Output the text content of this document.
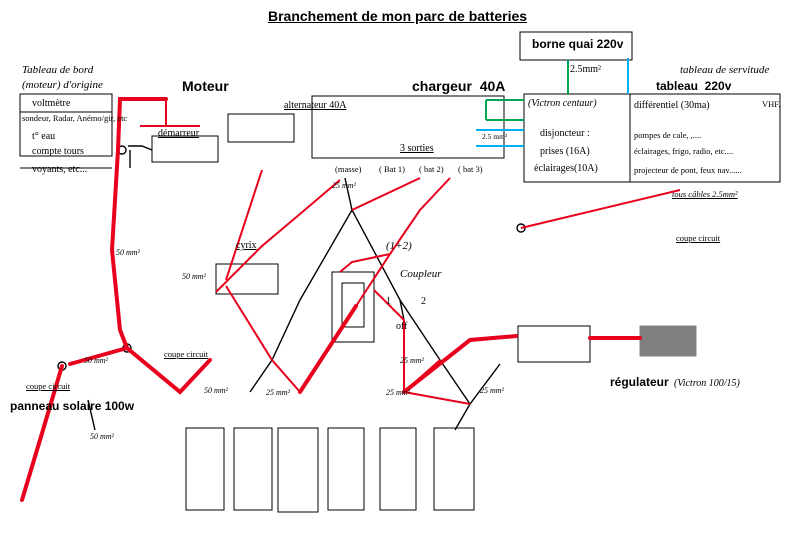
Branchement de mon parc de batteries
Tableau de bord
(moteur) d'origine
voltmètre
sondeur, Radar, Anémo/gir, etc
t° eau
compte tours
voyants, etc...
Moteur
démarreur
alternateur 40A
chargeur  40A
3 sorties
(masse) ( Bat 1) ( bat 2) ( bat 3)
25 mm²
(1+2)
borne quai 220v
2.5mm²
(Victron centaur)
disjoncteur :
prises (16A)
éclairages(10A)
2.5 mm²
tableau de servitude
tableau  220v
différentiel (30ma)	VHF.
pompes de cale, ,....
éclairages, frigo, radio, etc....
projecteur de pont, feux nav......
tous câbles 2.5mm²
coupe circuit
Coupleur
1	2
off
cyrix
coupe circuit
panneau solaire 100w
coupe circuit	régulateur (Victron 100/15)
50 mm²
50 mm²
50 mm²
50 mm²
50 mm²
25 mm²	25 mm²
25 mm²
25 mm²
